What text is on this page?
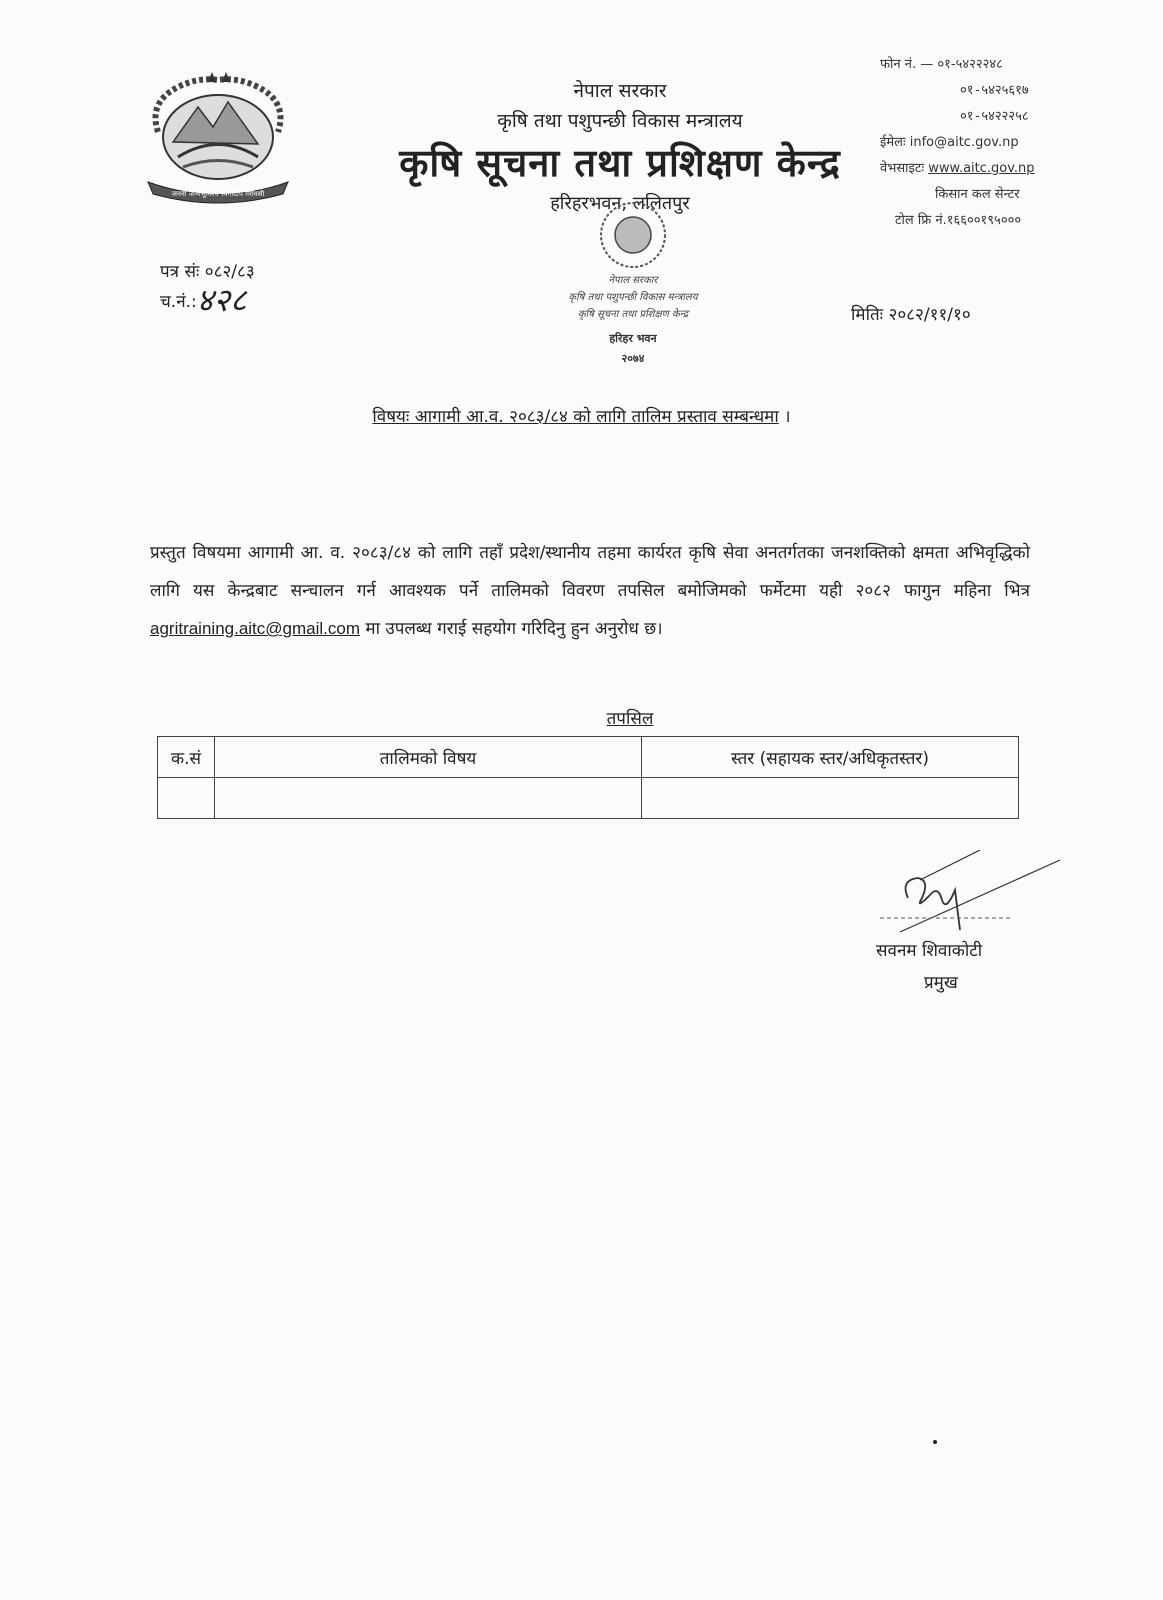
जननी जन्मभूमिश्च स्वर्गादपि गरीयसी
नेपाल सरकार
कृषि तथा पशुपन्छी विकास मन्त्रालय
कृषि सूचना तथा प्रशिक्षण केन्द्र
हरिहरभवन, ललितपुर
फोन नं. — ०१-५४२२२४८
०१-५४२५६१७
०१-५४२२२५८
ईमेलः info@aitc.gov.np
वेभसाइटः www.aitc.gov.np
किसान कल सेन्टर
टोल फ्रि नं.१६६००१९५०००
नेपाल सरकार
कृषि तथा पशुपन्छी विकास मन्त्रालय
कृषि सूचना तथा प्रशिक्षण केन्द्र
हरिहर भवन
२०७४
पत्र संः ०८२/८३
च.नं.:४२८	मितिः २०८२/११/१०
विषयः आगामी आ.व. २०८३/८४ को लागि तालिम प्रस्ताव सम्बन्धमा ।
प्रस्तुत विषयमा आगामी आ. व. २०८३/८४ को लागि तहाँ प्रदेश/स्थानीय तहमा कार्यरत कृषि सेवा अनतर्गतका जनशक्तिको क्षमता अभिवृद्धिको लागि यस केन्द्रबाट सन्चालन गर्न आवश्यक पर्ने तालिमको विवरण तपसिल बमोजिमको फर्मेटमा यही २०८२ फागुन महिना भित्र agritraining.aitc@gmail.com मा उपलब्ध गराई सहयोग गरिदिनु हुन अनुरोध छ।
तपसिल
क.सं	तालिमको विषय	स्तर (सहायक स्तर/अधिकृतस्तर)

सवनम शिवाकोटी
प्रमुख
